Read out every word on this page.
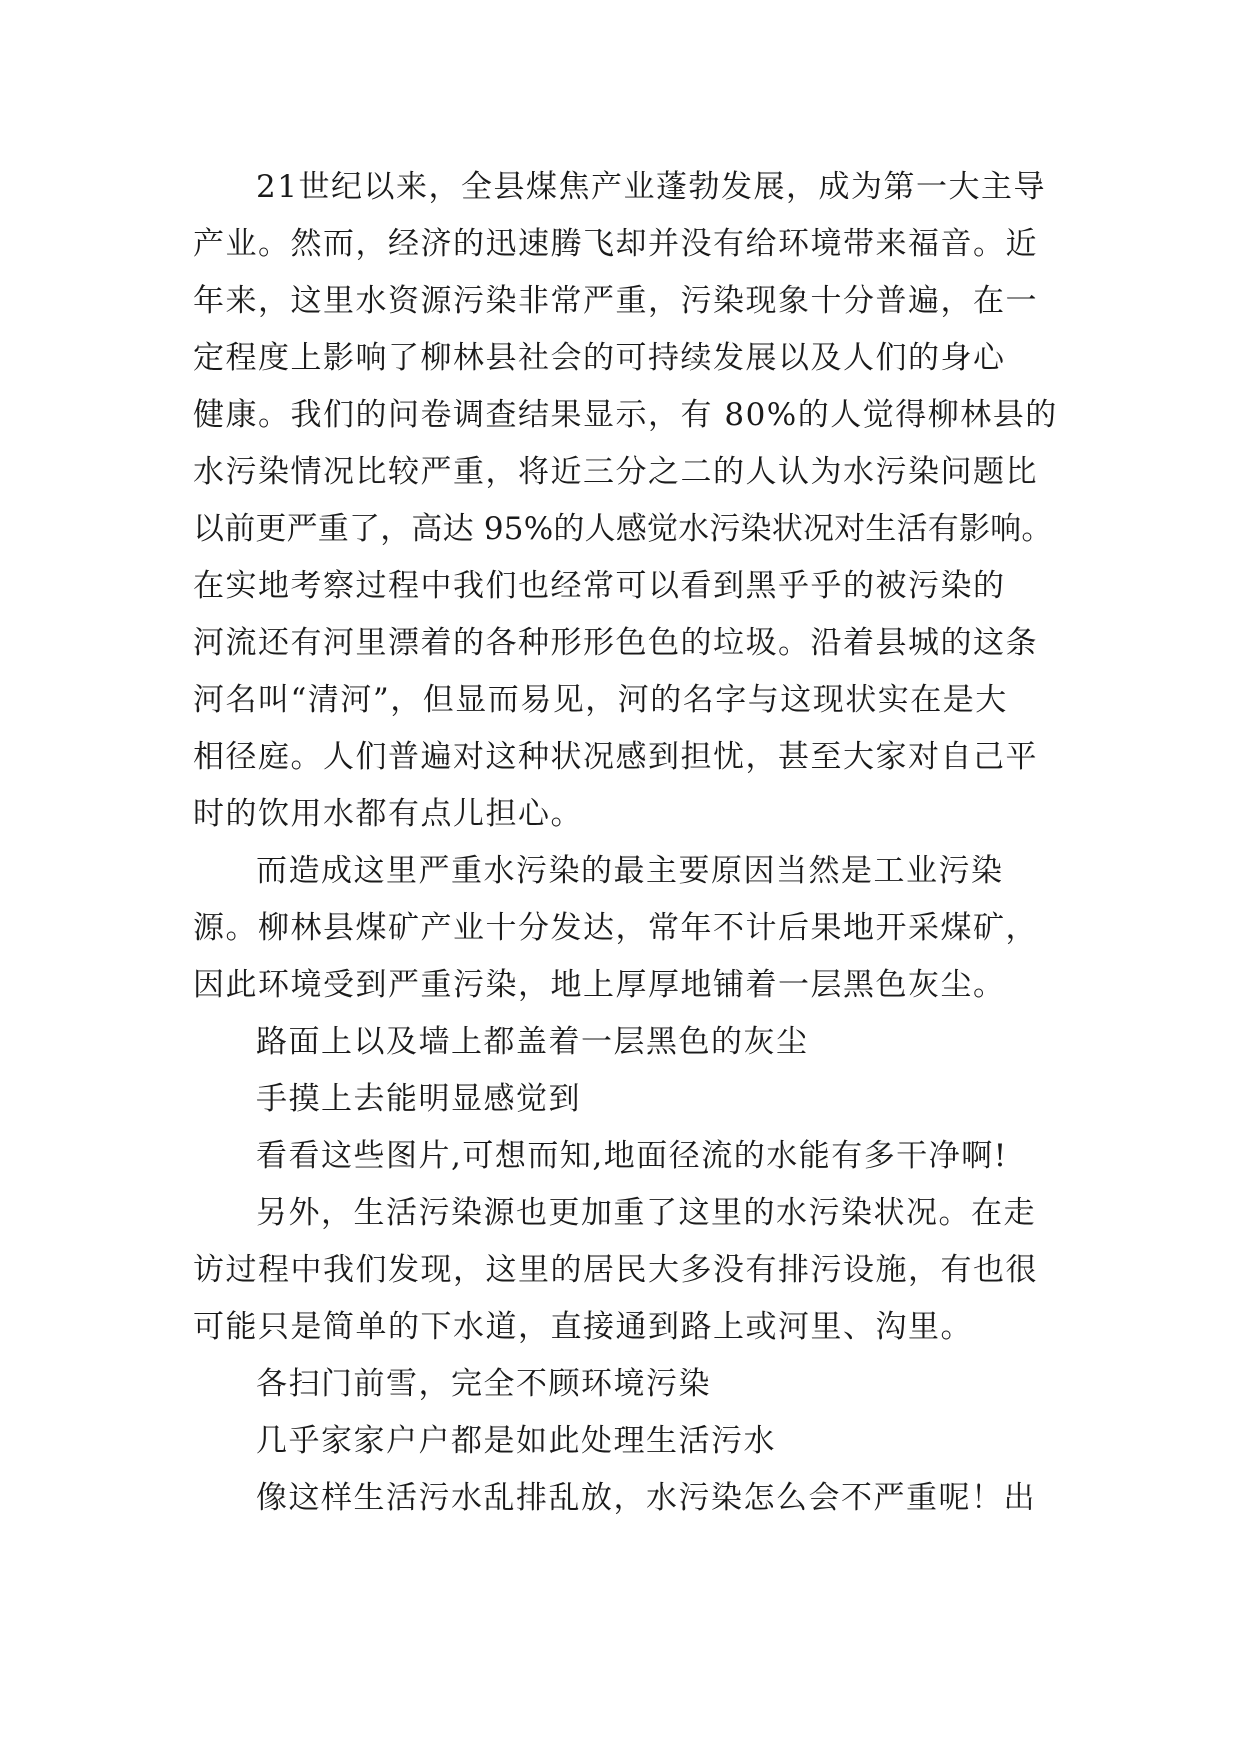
21世纪以来，全县煤焦产业蓬勃发展，成为第一大主导
产业。然而，经济的迅速腾飞却并没有给环境带来福音。近
年来，这里水资源污染非常严重，污染现象十分普遍，在一
定程度上影响了柳林县社会的可持续发展以及人们的身心
健康。我们的问卷调查结果显示，有 80%的人觉得柳林县的
水污染情况比较严重，将近三分之二的人认为水污染问题比
以前更严重了，高达 95%的人感觉水污染状况对生活有影响。
在实地考察过程中我们也经常可以看到黑乎乎的被污染的
河流还有河里漂着的各种形形色色的垃圾。沿着县城的这条
河名叫“清河”，但显而易见，河的名字与这现状实在是大
相径庭。人们普遍对这种状况感到担忧，甚至大家对自己平
时的饮用水都有点儿担心。
而造成这里严重水污染的最主要原因当然是工业污染
源。柳林县煤矿产业十分发达，常年不计后果地开采煤矿，
因此环境受到严重污染，地上厚厚地铺着一层黑色灰尘。
路面上以及墙上都盖着一层黑色的灰尘
手摸上去能明显感觉到
看看这些图片,可想而知,地面径流的水能有多干净啊!
另外，生活污染源也更加重了这里的水污染状况。在走
访过程中我们发现，这里的居民大多没有排污设施，有也很
可能只是简单的下水道，直接通到路上或河里、沟里。
各扫门前雪，完全不顾环境污染
几乎家家户户都是如此处理生活污水
像这样生活污水乱排乱放，水污染怎么会不严重呢！出
